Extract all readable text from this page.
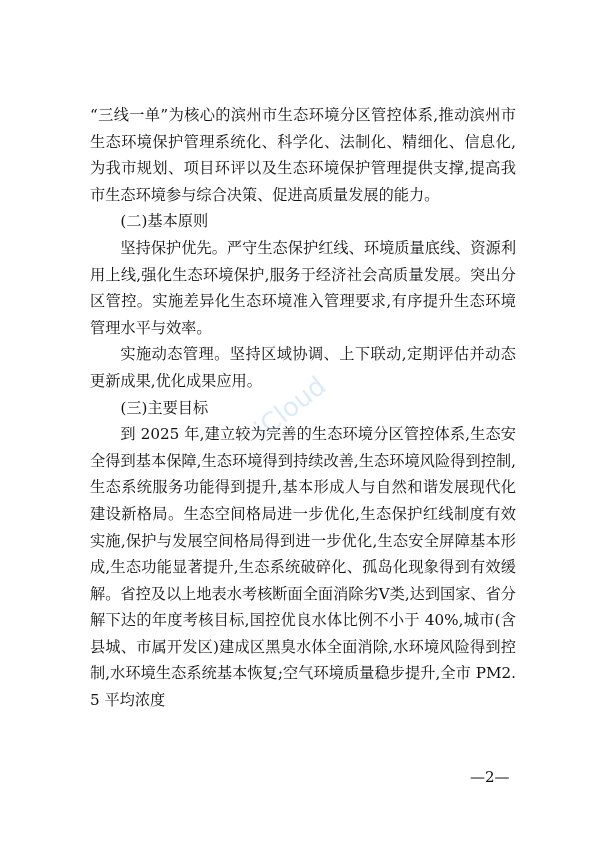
iCloud

“三线一单”为核心的滨州市生态环境分区管控体系,推动滨州市生态环境保护管理系统化、科学化、法制化、精细化、信息化,为我市规划、项目环评以及生态环境保护管理提供支撑,提高我市生态环境参与综合决策、促进高质量发展的能力。

(二)基本原则

坚持保护优先。严守生态保护红线、环境质量底线、资源利用上线,强化生态环境保护,服务于经济社会高质量发展。突出分区管控。实施差异化生态环境准入管理要求,有序提升生态环境管理水平与效率。

实施动态管理。坚持区域协调、上下联动,定期评估并动态更新成果,优化成果应用。

(三)主要目标

到 2025 年,建立较为完善的生态环境分区管控体系,生态安全得到基本保障,生态环境得到持续改善,生态环境风险得到控制,生态系统服务功能得到提升,基本形成人与自然和谐发展现代化建设新格局。生态空间格局进一步优化,生态保护红线制度有效实施,保护与发展空间格局得到进一步优化,生态安全屏障基本形成,生态功能显著提升,生态系统破碎化、孤岛化现象得到有效缓解。省控及以上地表水考核断面全面消除劣Ⅴ类,达到国家、省分解下达的年度考核目标,国控优良水体比例不小于 40%,城市(含县城、市属开发区)建成区黑臭水体全面消除,水环境风险得到控制,水环境生态系统基本恢复;空气环境质量稳步提升,全市 PM2.5 平均浓度

—2—
